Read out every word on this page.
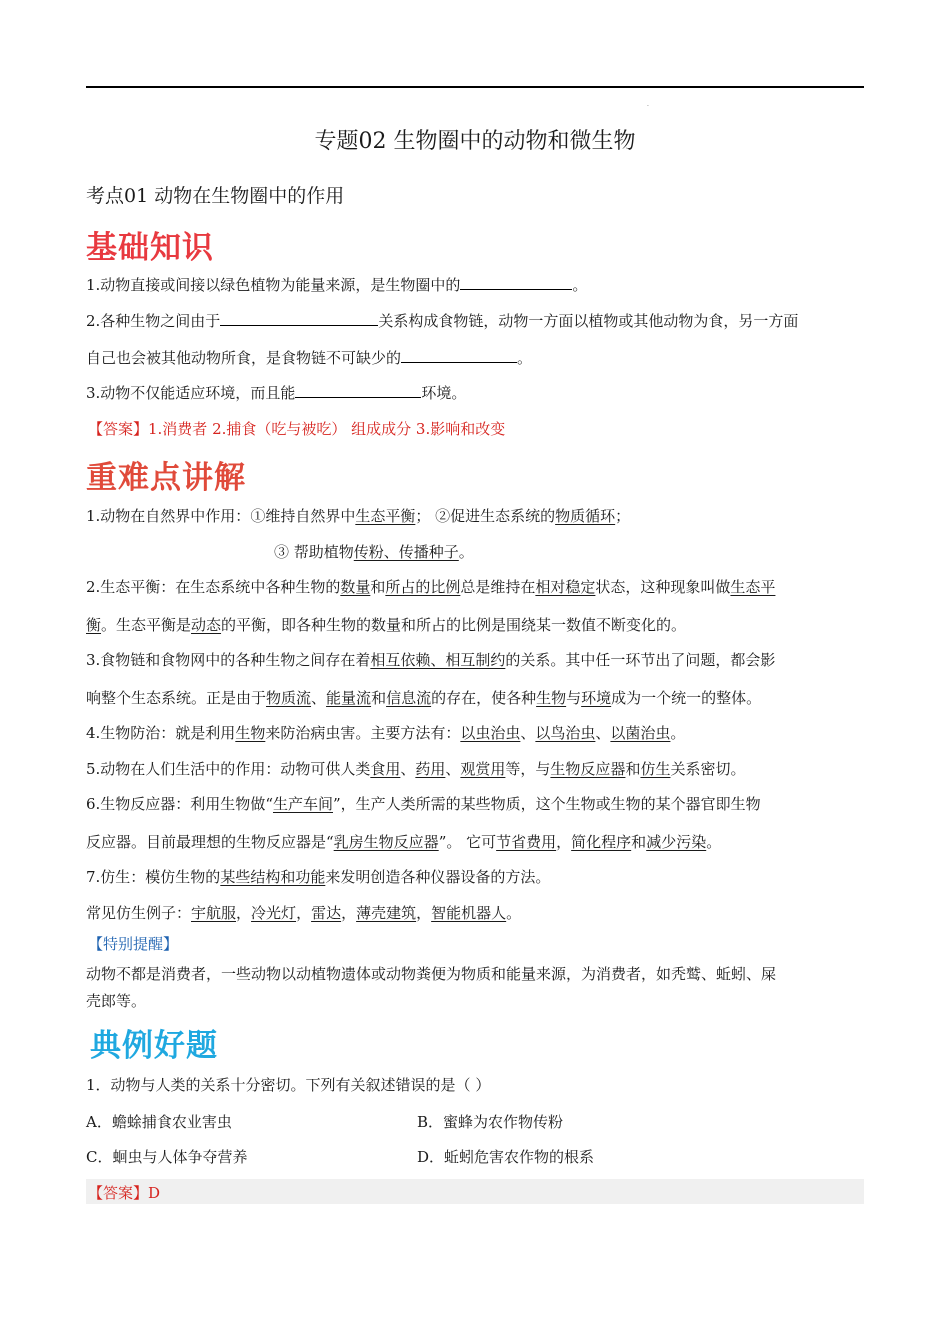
.
专题02 生物圈中的动物和微生物
考点01 动物在生物圈中的作用
基础知识
1.动物直接或间接以绿色植物为能量来源，是生物圈中的	。
2.各种生物之间由于	关系构成食物链，动物一方面以植物或其他动物为食，另一方面
自己也会被其他动物所食，是食物链不可缺少的	。
3.动物不仅能适应环境，而且能	环境。
【答案】1.消费者 2.捕食（吃与被吃） 组成成分 3.影响和改变
重难点讲解
1.动物在自然界中作用：①维持自然界中生态平衡； ②促进生态系统的物质循环；
③ 帮助植物传粉、传播种子。
2.生态平衡：在生态系统中各种生物的数量和所占的比例总是维持在相对稳定状态，这种现象叫做生态平
衡。生态平衡是动态的平衡，即各种生物的数量和所占的比例是围绕某一数值不断变化的。
3.食物链和食物网中的各种生物之间存在着相互依赖、相互制约的关系。其中任一环节出了问题，都会影
响整个生态系统。正是由于物质流、能量流和信息流的存在，使各种生物与环境成为一个统一的整体。
4.生物防治：就是利用生物来防治病虫害。主要方法有：以虫治虫、以鸟治虫、以菌治虫。
5.动物在人们生活中的作用：动物可供人类食用、药用、观赏用等，与生物反应器和仿生关系密切。
6.生物反应器：利用生物做“生产车间”，生产人类所需的某些物质，这个生物或生物的某个器官即生物
反应器。目前最理想的生物反应器是“乳房生物反应器”。 它可节省费用，简化程序和减少污染。
7.仿生：模仿生物的某些结构和功能来发明创造各种仪器设备的方法。
常见仿生例子：宇航服，冷光灯，雷达，薄壳建筑，智能机器人。
【特别提醒】
动物不都是消费者，一些动物以动植物遗体或动物粪便为物质和能量来源，为消费者，如秃鹫、蚯蚓、屎
壳郎等。
典例好题
1．动物与人类的关系十分密切。下列有关叙述错误的是（ ）
A．蟾蜍捕食农业害虫	B．蜜蜂为农作物传粉
C．蛔虫与人体争夺营养	D．蚯蚓危害农作物的根系
【答案】D
